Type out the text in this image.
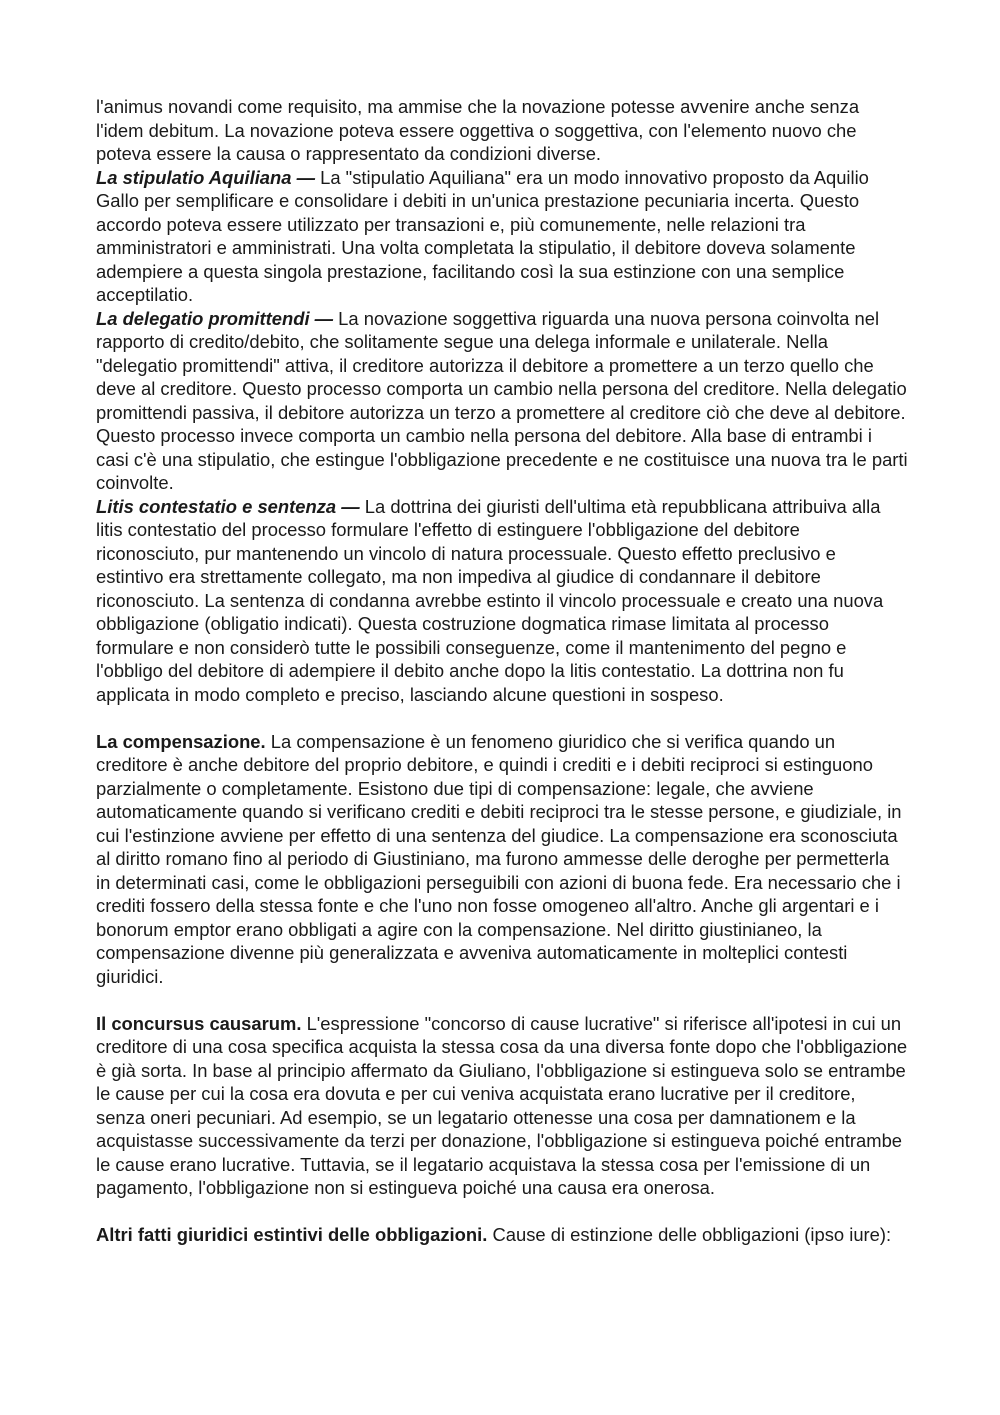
l'animus novandi come requisito, ma ammise che la novazione potesse avvenire anche senza l'idem debitum. La novazione poteva essere oggettiva o soggettiva, con l'elemento nuovo che poteva essere la causa o rappresentato da condizioni diverse.

La stipulatio Aquiliana — La "stipulatio Aquiliana" era un modo innovativo proposto da Aquilio Gallo per semplificare e consolidare i debiti in un'unica prestazione pecuniaria incerta. Questo accordo poteva essere utilizzato per transazioni e, più comunemente, nelle relazioni tra amministratori e amministrati. Una volta completata la stipulatio, il debitore doveva solamente adempiere a questa singola prestazione, facilitando così la sua estinzione con una semplice acceptilatio.

La delegatio promittendi — La novazione soggettiva riguarda una nuova persona coinvolta nel rapporto di credito/debito, che solitamente segue una delega informale e unilaterale. Nella "delegatio promittendi" attiva, il creditore autorizza il debitore a promettere a un terzo quello che deve al creditore. Questo processo comporta un cambio nella persona del creditore. Nella delegatio promittendi passiva, il debitore autorizza un terzo a promettere al creditore ciò che deve al debitore. Questo processo invece comporta un cambio nella persona del debitore. Alla base di entrambi i casi c'è una stipulatio, che estingue l'obbligazione precedente e ne costituisce una nuova tra le parti coinvolte.

Litis contestatio e sentenza — La dottrina dei giuristi dell'ultima età repubblicana attribuiva alla litis contestatio del processo formulare l'effetto di estinguere l'obbligazione del debitore riconosciuto, pur mantenendo un vincolo di natura processuale. Questo effetto preclusivo e estintivo era strettamente collegato, ma non impediva al giudice di condannare il debitore riconosciuto. La sentenza di condanna avrebbe estinto il vincolo processuale e creato una nuova obbligazione (obligatio indicati). Questa costruzione dogmatica rimase limitata al processo formulare e non considerò tutte le possibili conseguenze, come il mantenimento del pegno e l'obbligo del debitore di adempiere il debito anche dopo la litis contestatio. La dottrina non fu applicata in modo completo e preciso, lasciando alcune questioni in sospeso.

La compensazione. La compensazione è un fenomeno giuridico che si verifica quando un creditore è anche debitore del proprio debitore, e quindi i crediti e i debiti reciproci si estinguono parzialmente o completamente. Esistono due tipi di compensazione: legale, che avviene automaticamente quando si verificano crediti e debiti reciproci tra le stesse persone, e giudiziale, in cui l'estinzione avviene per effetto di una sentenza del giudice. La compensazione era sconosciuta al diritto romano fino al periodo di Giustiniano, ma furono ammesse delle deroghe per permetterla in determinati casi, come le obbligazioni perseguibili con azioni di buona fede. Era necessario che i crediti fossero della stessa fonte e che l'uno non fosse omogeneo all'altro. Anche gli argentari e i bonorum emptor erano obbligati a agire con la compensazione. Nel diritto giustinianeo, la compensazione divenne più generalizzata e avveniva automaticamente in molteplici contesti giuridici.

Il concursus causarum. L'espressione "concorso di cause lucrative" si riferisce all'ipotesi in cui un creditore di una cosa specifica acquista la stessa cosa da una diversa fonte dopo che l'obbligazione è già sorta. In base al principio affermato da Giuliano, l'obbligazione si estingueva solo se entrambe le cause per cui la cosa era dovuta e per cui veniva acquistata erano lucrative per il creditore, senza oneri pecuniari. Ad esempio, se un legatario ottenesse una cosa per damnationem e la acquistasse successivamente da terzi per donazione, l'obbligazione si estingueva poiché entrambe le cause erano lucrative. Tuttavia, se il legatario acquistava la stessa cosa per l'emissione di un pagamento, l'obbligazione non si estingueva poiché una causa era onerosa.

Altri fatti giuridici estintivi delle obbligazioni. Cause di estinzione delle obbligazioni (ipso iure):
